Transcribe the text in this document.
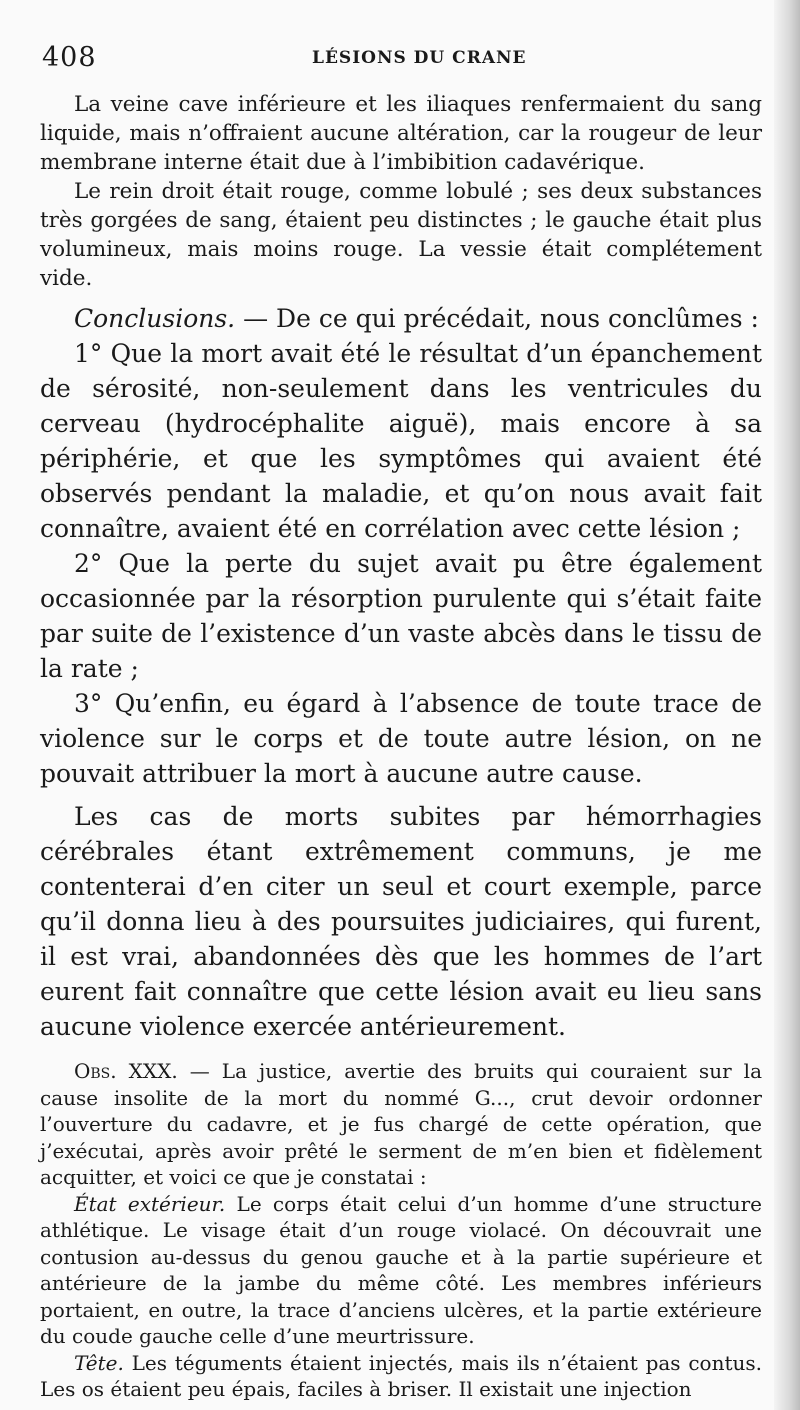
408	LÉSIONS DU CRANE

La veine cave inférieure et les iliaques renfermaient du sang liquide, mais n’offraient aucune altération, car la rougeur de leur membrane interne était due à l’imbibition cadavérique.

Le rein droit était rouge, comme lobulé ; ses deux substances très gorgées de sang, étaient peu distinctes ; le gauche était plus volumineux, mais moins rouge. La vessie était complétement vide.

Conclusions. — De ce qui précédait, nous conclûmes :

1° Que la mort avait été le résultat d’un épanchement de sérosité, non-seulement dans les ventricules du cerveau (hydrocéphalite aiguë), mais encore à sa périphérie, et que les symptômes qui avaient été observés pendant la maladie, et qu’on nous avait fait connaître, avaient été en corrélation avec cette lésion ;

2° Que la perte du sujet avait pu être également occasionnée par la résorption purulente qui s’était faite par suite de l’existence d’un vaste abcès dans le tissu de la rate ;

3° Qu’enfin, eu égard à l’absence de toute trace de violence sur le corps et de toute autre lésion, on ne pouvait attribuer la mort à aucune autre cause.

Les cas de morts subites par hémorrhagies cérébrales étant extrêmement communs, je me contenterai d’en citer un seul et court exemple, parce qu’il donna lieu à des poursuites judiciaires, qui furent, il est vrai, abandonnées dès que les hommes de l’art eurent fait connaître que cette lésion avait eu lieu sans aucune violence exercée antérieurement.

Obs. XXX. — La justice, avertie des bruits qui couraient sur la cause insolite de la mort du nommé G..., crut devoir ordonner l’ouverture du cadavre, et je fus chargé de cette opération, que j’exécutai, après avoir prêté le serment de m’en bien et fidèlement acquitter, et voici ce que je constatai :

État extérieur. Le corps était celui d’un homme d’une structure athlétique. Le visage était d’un rouge violacé. On découvrait une contusion au-dessus du genou gauche et à la partie supérieure et antérieure de la jambe du même côté. Les membres inférieurs portaient, en outre, la trace d’anciens ulcères, et la partie extérieure du coude gauche celle d’une meurtrissure.

Tête. Les téguments étaient injectés, mais ils n’étaient pas contus. Les os étaient peu épais, faciles à briser. Il existait une injection
